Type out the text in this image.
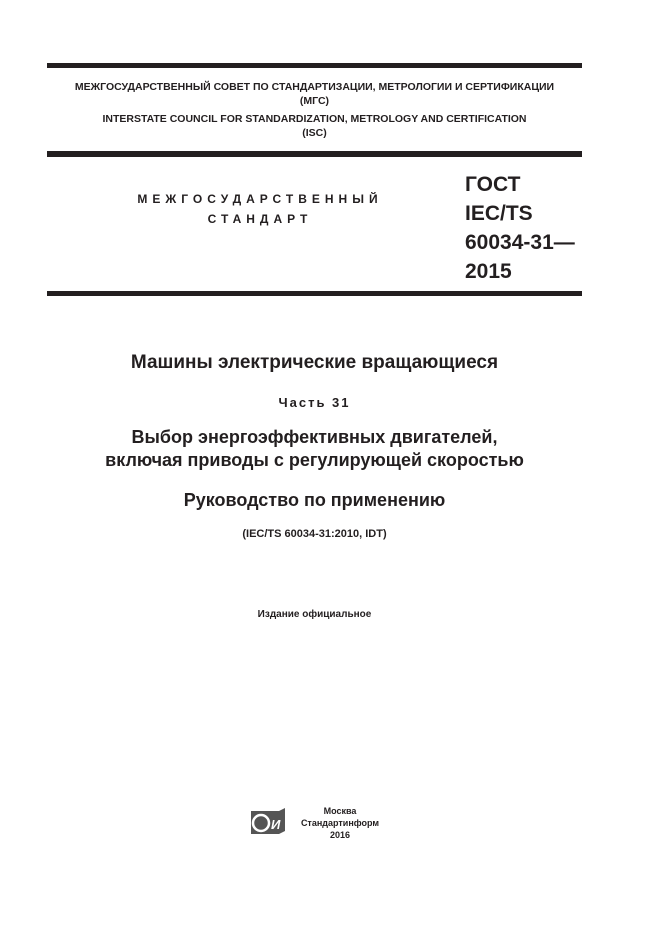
МЕЖГОСУДАРСТВЕННЫЙ СОВЕТ ПО СТАНДАРТИЗАЦИИ, МЕТРОЛОГИИ И СЕРТИФИКАЦИИ
(МГС)
INTERSTATE COUNCIL FOR STANDARDIZATION, METROLOGY AND CERTIFICATION
(ISC)
МЕЖГОСУДАРСТВЕННЫЙ
СТАНДАРТ
ГОСТ
IEC/TS
60034-31—
2015
Машины электрические вращающиеся
Часть 31
Выбор энергоэффективных двигателей,
включая приводы с регулирующей скоростью
Руководство по применению
(IEC/TS 60034-31:2010, IDT)
Издание официальное
И
Москва
Стандартинформ
2016
